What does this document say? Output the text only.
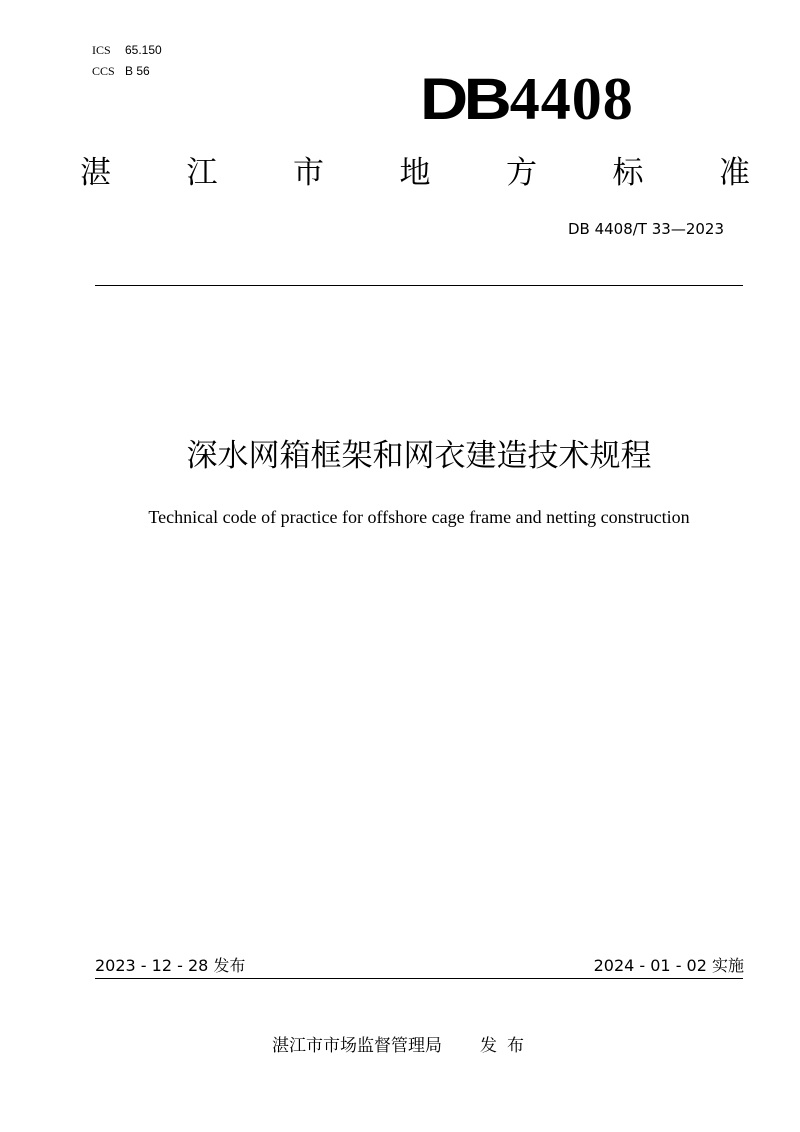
ICS	65.150
CCS B 56	DB 4408
湛 江 市 地 方 标 准
DB 4408/T 33—2023
深水网箱框架和网衣建造技术规程
Technical code of practice for offshore cage frame and netting construction
2023 - 12 - 28 发布	2024 - 01 - 02 实施
湛江市市场监督管理局 发布
